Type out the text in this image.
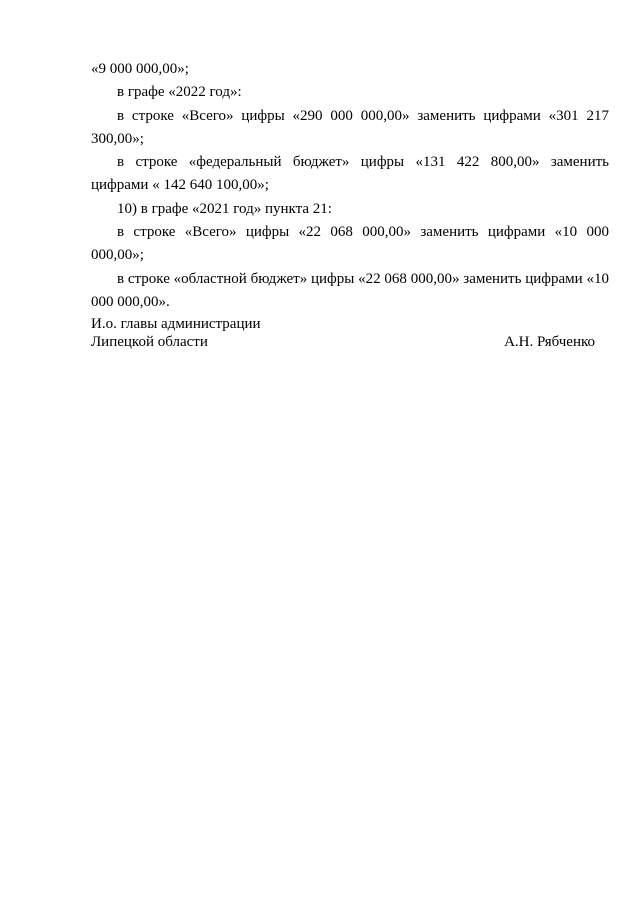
«9 000 000,00»;

в графе «2022 год»:

в строке «Всего» цифры «290 000 000,00» заменить цифрами «301 217 300,00»;

в строке «федеральный бюджет» цифры «131 422 800,00» заменить цифрами « 142 640 100,00»;

10) в графе «2021 год» пункта 21:

в строке «Всего» цифры «22 068 000,00» заменить цифрами «10 000 000,00»;

в строке «областной бюджет» цифры «22 068 000,00» заменить цифрами «10 000 000,00».

И.о. главы администрации

Липецкой области	А.Н. Рябченко
